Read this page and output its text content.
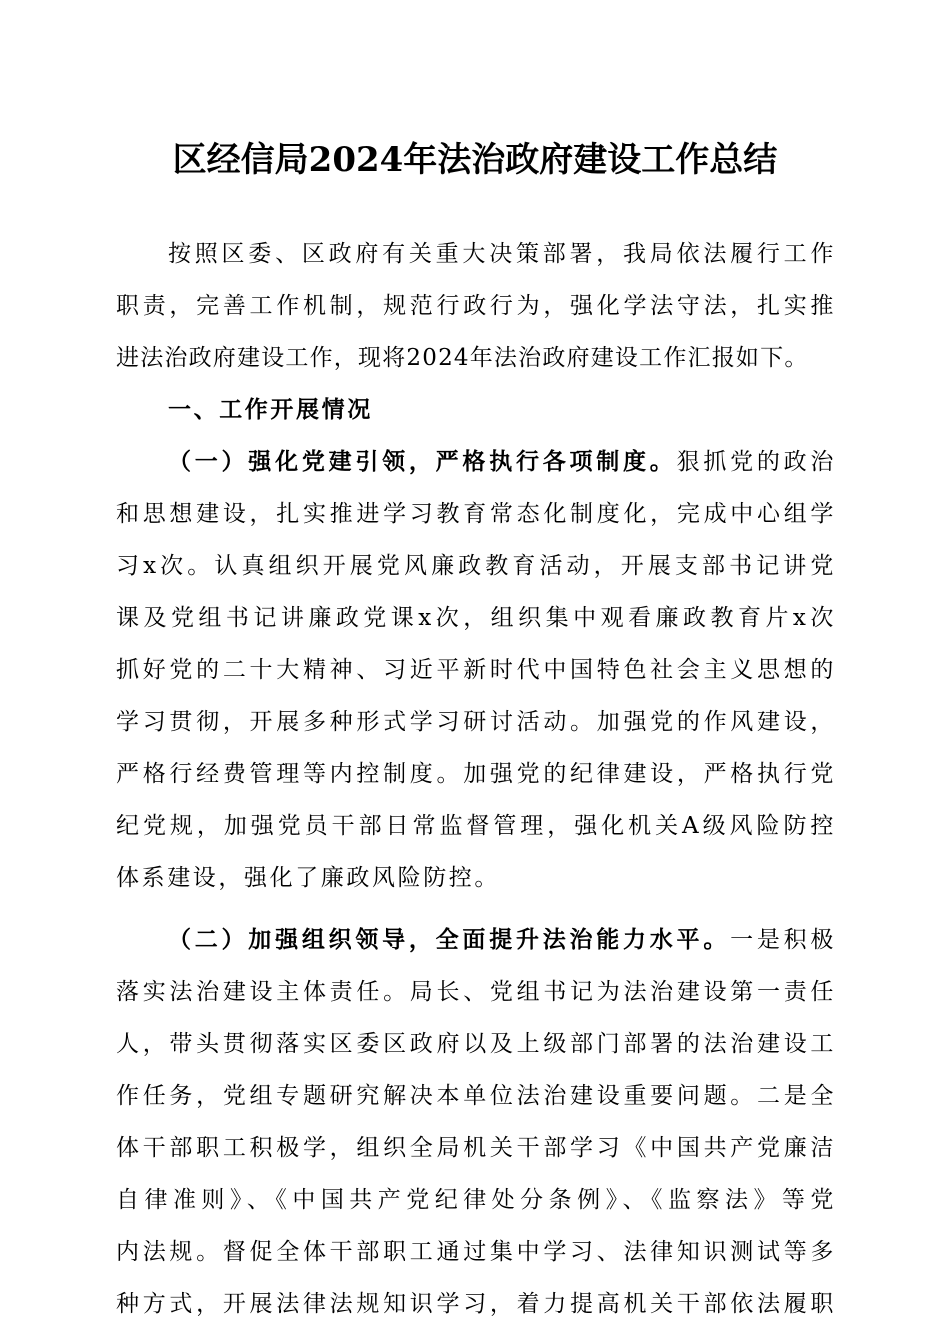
区经信局2024年法治政府建设工作总结
按照区委、区政府有关重大决策部署，我局依法履行工作
职责，完善工作机制，规范行政行为，强化学法守法，扎实推
进法治政府建设工作，现将2024年法治政府建设工作汇报如下。
一、工作开展情况
（一）强化党建引领，严格执行各项制度。狠抓党的政治
和思想建设，扎实推进学习教育常态化制度化，完成中心组学
习x次。认真组织开展党风廉政教育活动，开展支部书记讲党
课及党组书记讲廉政党课x次，组织集中观看廉政教育片x次
抓好党的二十大精神、习近平新时代中国特色社会主义思想的
学习贯彻，开展多种形式学习研讨活动。加强党的作风建设，
严格行经费管理等内控制度。加强党的纪律建设，严格执行党
纪党规，加强党员干部日常监督管理，强化机关A级风险防控
体系建设，强化了廉政风险防控。
（二）加强组织领导，全面提升法治能力水平。一是积极
落实法治建设主体责任。局长、党组书记为法治建设第一责任
人，带头贯彻落实区委区政府以及上级部门部署的法治建设工
作任务，党组专题研究解决本单位法治建设重要问题。二是全
体干部职工积极学，组织全局机关干部学习《中国共产党廉洁
自律准则》、《中国共产党纪律处分条例》、《监察法》等党
内法规。督促全体干部职工通过集中学习、法律知识测试等多
种方式，开展法律法规知识学习，着力提高机关干部依法履职
